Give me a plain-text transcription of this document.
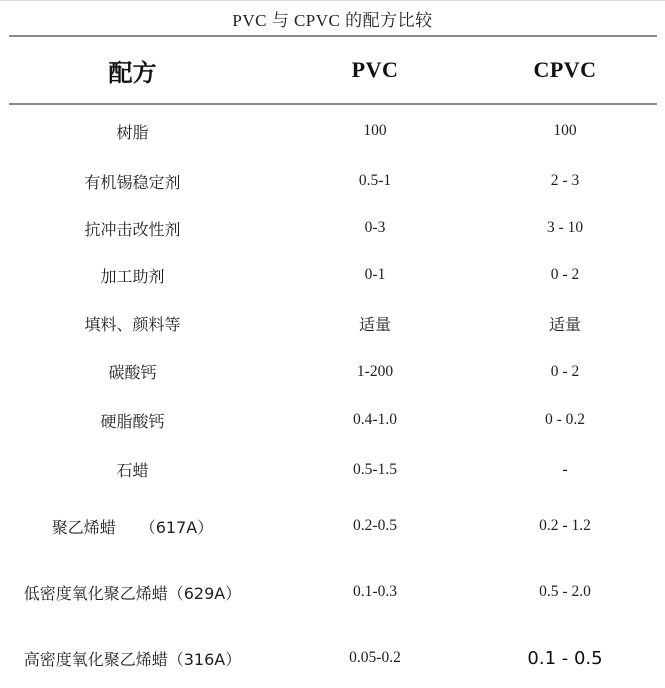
PVC 与 CPVC 的配方比较
配方	PVC	CPVC
树脂	100	100
有机锡稳定剂	0.5-1	2 - 3
抗冲击改性剂	0-3	3 - 10
加工助剂	0-1	0 - 2
填料、颜料等	适量	适量
碳酸钙	1-200	0 - 2
硬脂酸钙	0.4-1.0	0 - 0.2
石蜡	0.5-1.5	-
聚乙烯蜡　　（617A）	0.2-0.5	0.2 - 1.2
低密度氧化聚乙烯蜡（629A）	0.1-0.3	0.5 - 2.0
高密度氧化聚乙烯蜡（316A）	0.05-0.2	0.1 - 0.5
